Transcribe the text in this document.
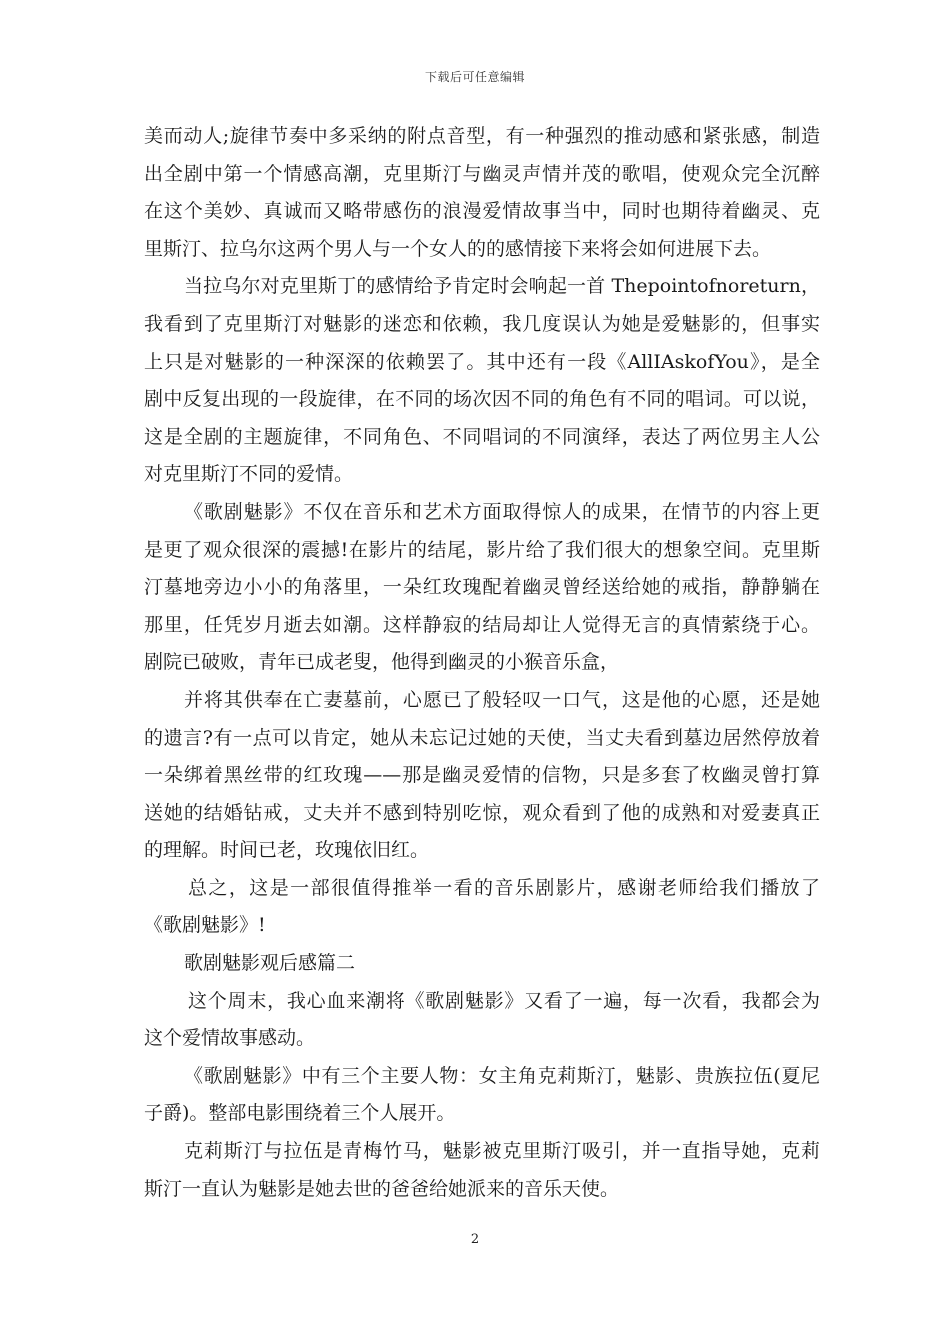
下载后可任意编辑
美而动人;旋律节奏中多采纳的附点音型，有一种强烈的推动感和紧张感，制造
出全剧中第一个情感高潮，克里斯汀与幽灵声情并茂的歌唱，使观众完全沉醉
在这个美妙、真诚而又略带感伤的浪漫爱情故事当中，同时也期待着幽灵、克
里斯汀、拉乌尔这两个男人与一个女人的的感情接下来将会如何进展下去。
当拉乌尔对克里斯丁的感情给予肯定时会响起一首 Thepointofnoreturn，
我看到了克里斯汀对魅影的迷恋和依赖，我几度误认为她是爱魅影的，但事实
上只是对魅影的一种深深的依赖罢了。其中还有一段《AllIAskofYou》，是全
剧中反复出现的一段旋律，在不同的场次因不同的角色有不同的唱词。可以说，
这是全剧的主题旋律，不同角色、不同唱词的不同演绎，表达了两位男主人公
对克里斯汀不同的爱情。
《歌剧魅影》不仅在音乐和艺术方面取得惊人的成果，在情节的内容上更
是更了观众很深的震撼!在影片的结尾，影片给了我们很大的想象空间。克里斯
汀墓地旁边小小的角落里，一朵红玫瑰配着幽灵曾经送给她的戒指，静静躺在
那里，任凭岁月逝去如潮。这样静寂的结局却让人觉得无言的真情萦绕于心。
剧院已破败，青年已成老叟，他得到幽灵的小猴音乐盒，
并将其供奉在亡妻墓前，心愿已了般轻叹一口气，这是他的心愿，还是她
的遗言?有一点可以肯定，她从未忘记过她的天使，当丈夫看到墓边居然停放着
一朵绑着黑丝带的红玫瑰——那是幽灵爱情的信物，只是多套了枚幽灵曾打算
送她的结婚钻戒，丈夫并不感到特别吃惊，观众看到了他的成熟和对爱妻真正
的理解。时间已老，玫瑰依旧红。
总之，这是一部很值得推举一看的音乐剧影片，感谢老师给我们播放了
《歌剧魅影》!
歌剧魅影观后感篇二
这个周末，我心血来潮将《歌剧魅影》又看了一遍，每一次看，我都会为
这个爱情故事感动。
《歌剧魅影》中有三个主要人物：女主角克莉斯汀，魅影、贵族拉伍(夏尼
子爵)。整部电影围绕着三个人展开。
克莉斯汀与拉伍是青梅竹马，魅影被克里斯汀吸引，并一直指导她，克莉
斯汀一直认为魅影是她去世的爸爸给她派来的音乐天使。
2
